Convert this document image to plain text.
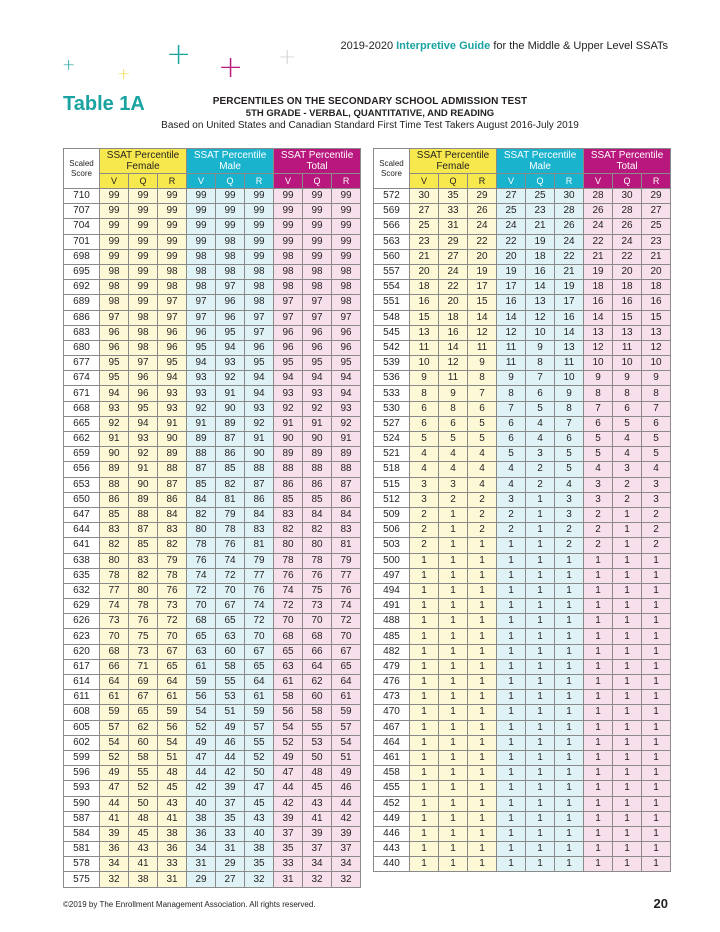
+ + +
+	+
2019-2020 Interpretive Guide for the Middle & Upper Level SSATs
Table 1A	PERCENTILES ON THE SECONDARY SCHOOL ADMISSION TEST
5TH GRADE - VERBAL, QUANTITATIVE, AND READING
Based on United States and Canadian Standard First Time Test Takers August 2016-July 2019
Scaled Score	SSAT Percentile Female			SSAT Percentile Male			SSAT Percentile Total		
	V	Q	R	V	Q	R	V	Q	R
710	99	99	99	99	99	99	99	99	99
707	99	99	99	99	99	99	99	99	99
704	99	99	99	99	99	99	99	99	99
701	99	99	99	99	98	99	99	99	99
698	99	99	99	98	98	99	98	99	99
695	98	99	98	98	98	98	98	98	98
692	98	99	98	98	97	98	98	98	98
689	98	99	97	97	96	98	97	97	98
686	97	98	97	97	96	97	97	97	97
683	96	98	96	96	95	97	96	96	96
680	96	98	96	95	94	96	96	96	96
677	95	97	95	94	93	95	95	95	95
674	95	96	94	93	92	94	94	94	94
671	94	96	93	93	91	94	93	93	94
668	93	95	93	92	90	93	92	92	93
665	92	94	91	91	89	92	91	91	92
662	91	93	90	89	87	91	90	90	91
659	90	92	89	88	86	90	89	89	89
656	89	91	88	87	85	88	88	88	88
653	88	90	87	85	82	87	86	86	87
650	86	89	86	84	81	86	85	85	86
647	85	88	84	82	79	84	83	84	84
644	83	87	83	80	78	83	82	82	83
641	82	85	82	78	76	81	80	80	81
638	80	83	79	76	74	79	78	78	79
635	78	82	78	74	72	77	76	76	77
632	77	80	76	72	70	76	74	75	76
629	74	78	73	70	67	74	72	73	74
626	73	76	72	68	65	72	70	70	72
623	70	75	70	65	63	70	68	68	70
620	68	73	67	63	60	67	65	66	67
617	66	71	65	61	58	65	63	64	65
614	64	69	64	59	55	64	61	62	64
611	61	67	61	56	53	61	58	60	61
608	59	65	59	54	51	59	56	58	59
605	57	62	56	52	49	57	54	55	57
602	54	60	54	49	46	55	52	53	54
599	52	58	51	47	44	52	49	50	51
596	49	55	48	44	42	50	47	48	49
593	47	52	45	42	39	47	44	45	46
590	44	50	43	40	37	45	42	43	44
587	41	48	41	38	35	43	39	41	42
584	39	45	38	36	33	40	37	39	39
581	36	43	36	34	31	38	35	37	37
578	34	41	33	31	29	35	33	34	34
575	32	38	31	29	27	32	31	32	32
Scaled Score	SSAT Percentile Female			SSAT Percentile Male			SSAT Percentile Total		
	V	Q	R	V	Q	R	V	Q	R
572	30	35	29	27	25	30	28	30	29
569	27	33	26	25	23	28	26	28	27
566	25	31	24	24	21	26	24	26	25
563	23	29	22	22	19	24	22	24	23
560	21	27	20	20	18	22	21	22	21
557	20	24	19	19	16	21	19	20	20
554	18	22	17	17	14	19	18	18	18
551	16	20	15	16	13	17	16	16	16
548	15	18	14	14	12	16	14	15	15
545	13	16	12	12	10	14	13	13	13
542	11	14	11	11	9	13	12	11	12
539	10	12	9	11	8	11	10	10	10
536	9	11	8	9	7	10	9	9	9
533	8	9	7	8	6	9	8	8	8
530	6	8	6	7	5	8	7	6	7
527	6	6	5	6	4	7	6	5	6
524	5	5	5	6	4	6	5	4	5
521	4	4	4	5	3	5	5	4	5
518	4	4	4	4	2	5	4	3	4
515	3	3	4	4	2	4	3	2	3
512	3	2	2	3	1	3	3	2	3
509	2	1	2	2	1	3	2	1	2
506	2	1	2	2	1	2	2	1	2
503	2	1	1	1	1	2	2	1	2
500	1	1	1	1	1	1	1	1	1
497	1	1	1	1	1	1	1	1	1
494	1	1	1	1	1	1	1	1	1
491	1	1	1	1	1	1	1	1	1
488	1	1	1	1	1	1	1	1	1
485	1	1	1	1	1	1	1	1	1
482	1	1	1	1	1	1	1	1	1
479	1	1	1	1	1	1	1	1	1
476	1	1	1	1	1	1	1	1	1
473	1	1	1	1	1	1	1	1	1
470	1	1	1	1	1	1	1	1	1
467	1	1	1	1	1	1	1	1	1
464	1	1	1	1	1	1	1	1	1
461	1	1	1	1	1	1	1	1	1
458	1	1	1	1	1	1	1	1	1
455	1	1	1	1	1	1	1	1	1
452	1	1	1	1	1	1	1	1	1
449	1	1	1	1	1	1	1	1	1
446	1	1	1	1	1	1	1	1	1
443	1	1	1	1	1	1	1	1	1
440	1	1	1	1	1	1	1	1	1
©2019 by The Enrollment Management Association. All rights reserved.	20
